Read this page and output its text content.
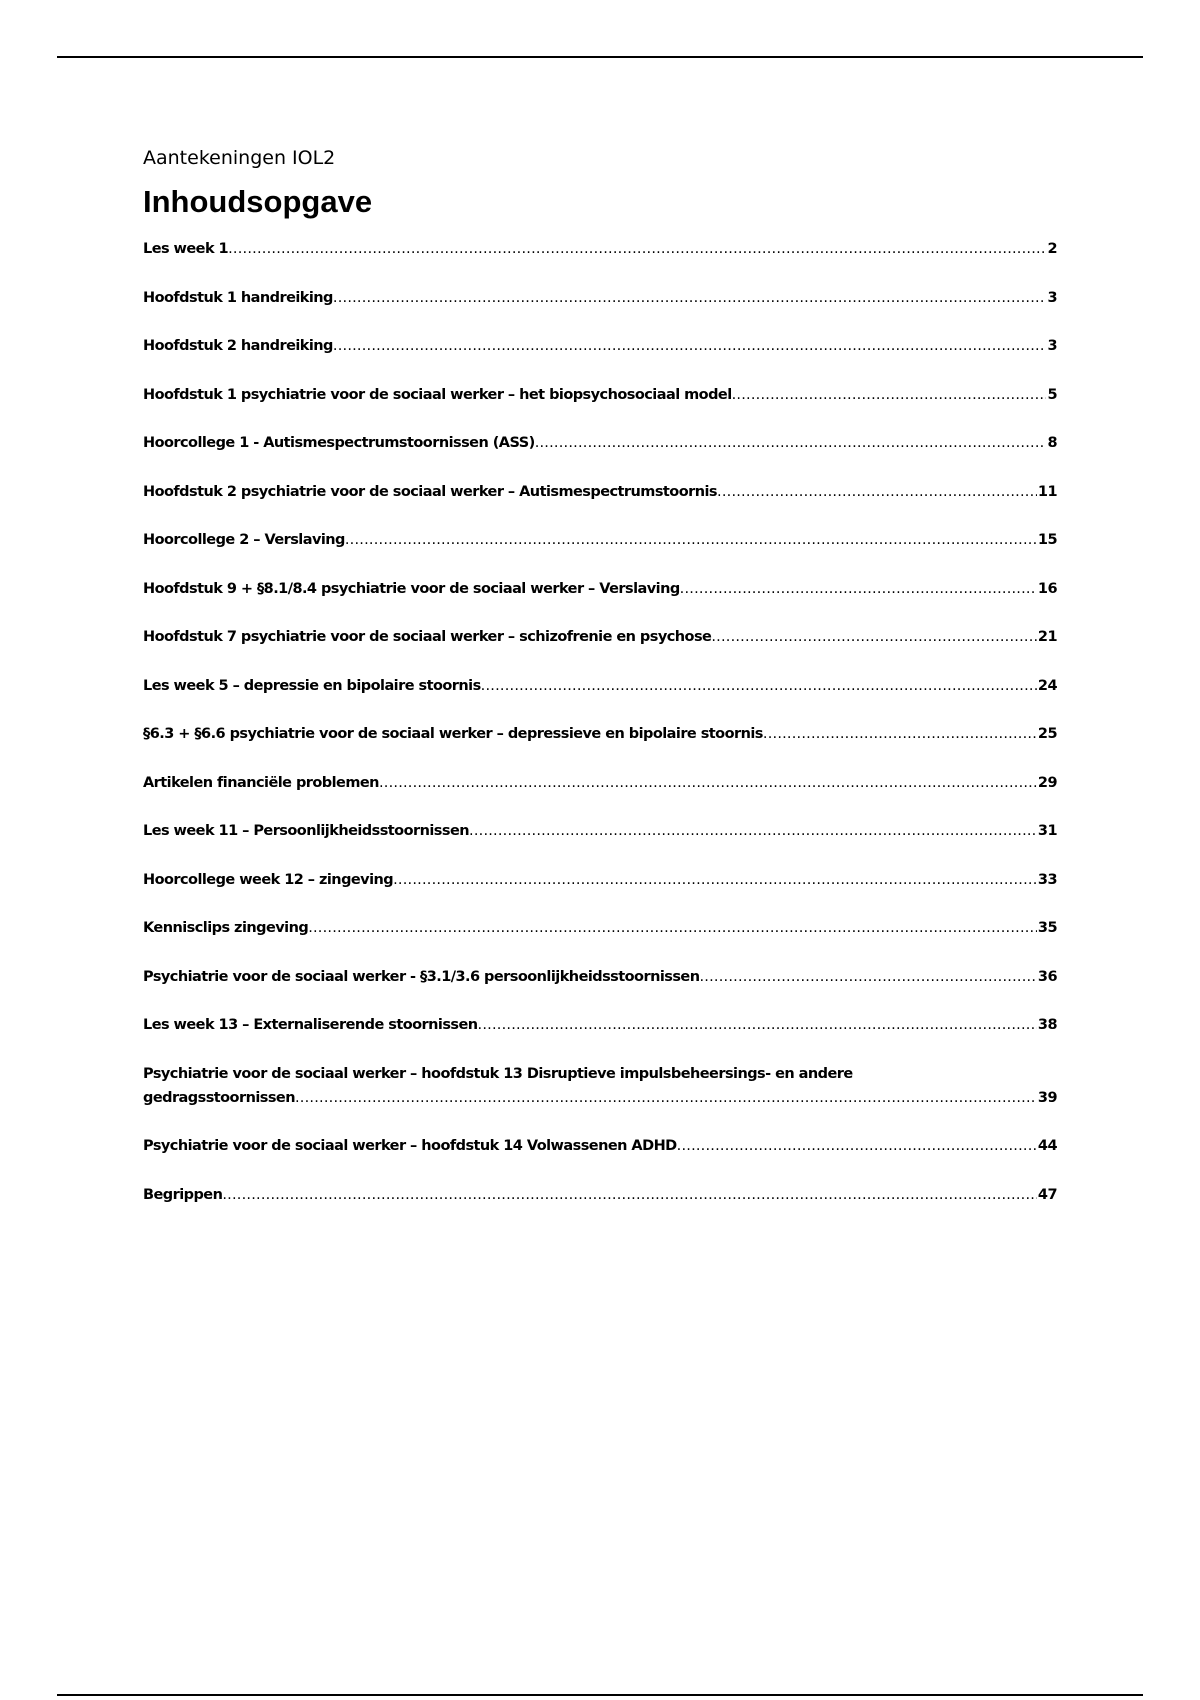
Aantekeningen IOL2
Inhoudsopgave
Les week 1 .....	2
Hoofdstuk 1 handreiking .....	3
Hoofdstuk 2 handreiking .....	3
Hoofdstuk 1 psychiatrie voor de sociaal werker – het biopsychosociaal model .....	5
Hoorcollege 1 - Autismespectrumstoornissen (ASS) .....	8
Hoofdstuk 2 psychiatrie voor de sociaal werker – Autismespectrumstoornis .....	11
Hoorcollege 2 – Verslaving .....	15
Hoofdstuk 9 + §8.1/8.4 psychiatrie voor de sociaal werker – Verslaving .....	16
Hoofdstuk 7 psychiatrie voor de sociaal werker – schizofrenie en psychose .....	21
Les week 5 – depressie en bipolaire stoornis .....	24
§6.3 + §6.6 psychiatrie voor de sociaal werker – depressieve en bipolaire stoornis .....	25
Artikelen financiële problemen .....	29
Les week 11 – Persoonlijkheidsstoornissen .....	31
Hoorcollege week 12 – zingeving .....	33
Kennisclips zingeving .....	35
Psychiatrie voor de sociaal werker - §3.1/3.6 persoonlijkheidsstoornissen .....	36
Les week 13 – Externaliserende stoornissen .....	38
Psychiatrie voor de sociaal werker – hoofdstuk 13 Disruptieve impulsbeheersings- en andere
gedragsstoornissen .....	39
Psychiatrie voor de sociaal werker – hoofdstuk 14 Volwassenen ADHD .....	44
Begrippen .....	47
